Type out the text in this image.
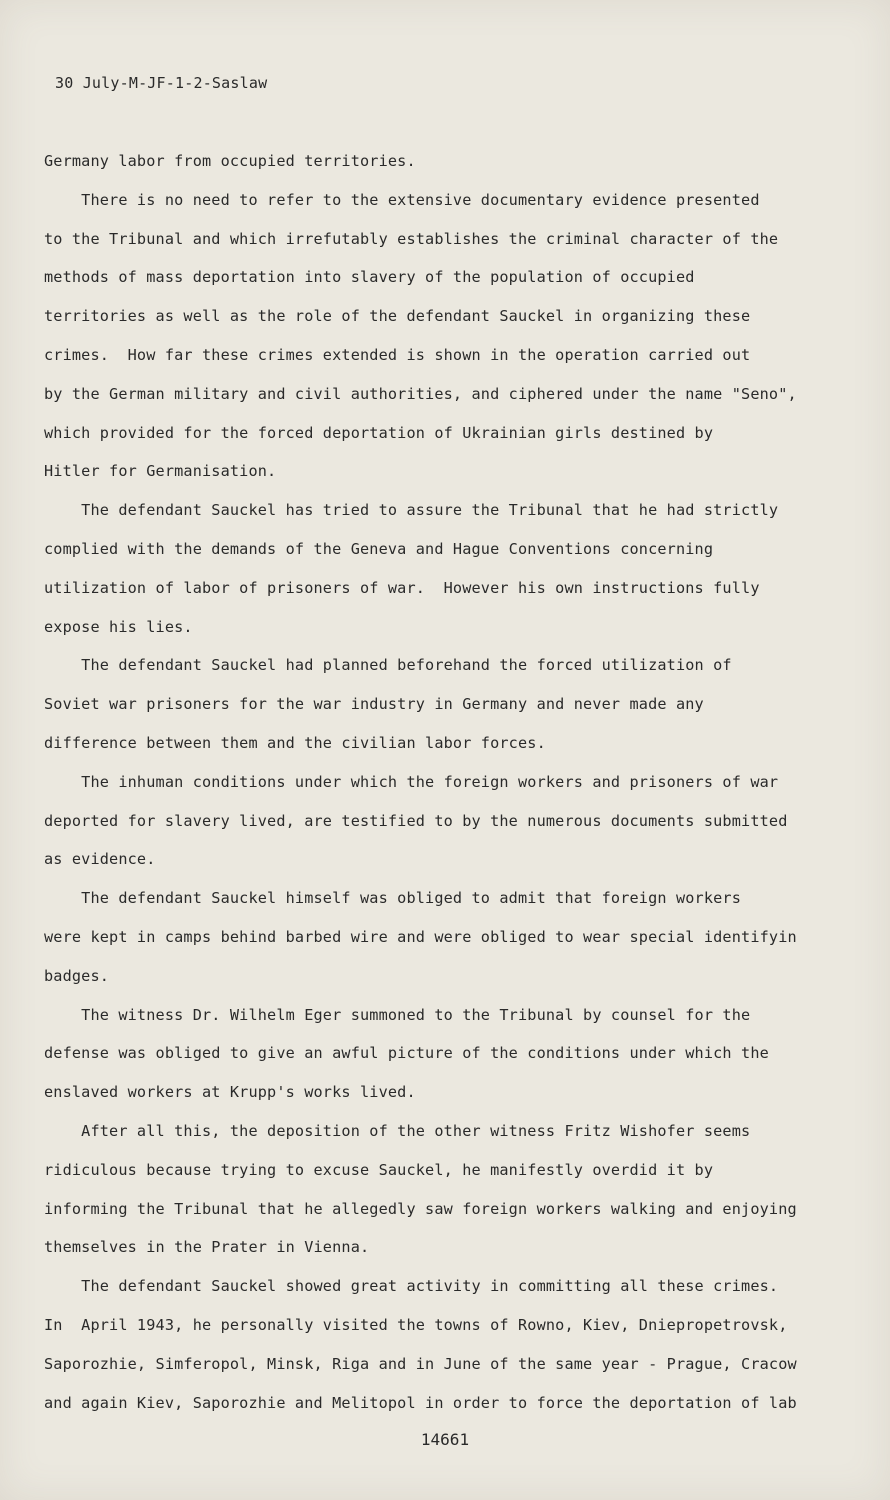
30 July-M-JF-1-2-Saslaw
Germany labor from occupied territories.
There is no need to refer to the extensive documentary evidence presented
to the Tribunal and which irrefutably establishes the criminal character of the
methods of mass deportation into slavery of the population of occupied
territories as well as the role of the defendant Sauckel in organizing these
crimes.  How far these crimes extended is shown in the operation carried out
by the German military and civil authorities, and ciphered under the name "Seno",
which provided for the forced deportation of Ukrainian girls destined by
Hitler for Germanisation.
The defendant Sauckel has tried to assure the Tribunal that he had strictly
complied with the demands of the Geneva and Hague Conventions concerning
utilization of labor of prisoners of war.  However his own instructions fully
expose his lies.
The defendant Sauckel had planned beforehand the forced utilization of
Soviet war prisoners for the war industry in Germany and never made any
difference between them and the civilian labor forces.
The inhuman conditions under which the foreign workers and prisoners of war
deported for slavery lived, are testified to by the numerous documents submitted
as evidence.
The defendant Sauckel himself was obliged to admit that foreign workers
were kept in camps behind barbed wire and were obliged to wear special identifyin
badges.
The witness Dr. Wilhelm Eger summoned to the Tribunal by counsel for the
defense was obliged to give an awful picture of the conditions under which the
enslaved workers at Krupp's works lived.
After all this, the deposition of the other witness Fritz Wishofer seems
ridiculous because trying to excuse Sauckel, he manifestly overdid it by
informing the Tribunal that he allegedly saw foreign workers walking and enjoying
themselves in the Prater in Vienna.
The defendant Sauckel showed great activity in committing all these crimes.
In  April 1943, he personally visited the towns of Rowno, Kiev, Dniepropetrovsk,
Saporozhie, Simferopol, Minsk, Riga and in June of the same year - Prague, Cracow
and again Kiev, Saporozhie and Melitopol in order to force the deportation of lab
14661
